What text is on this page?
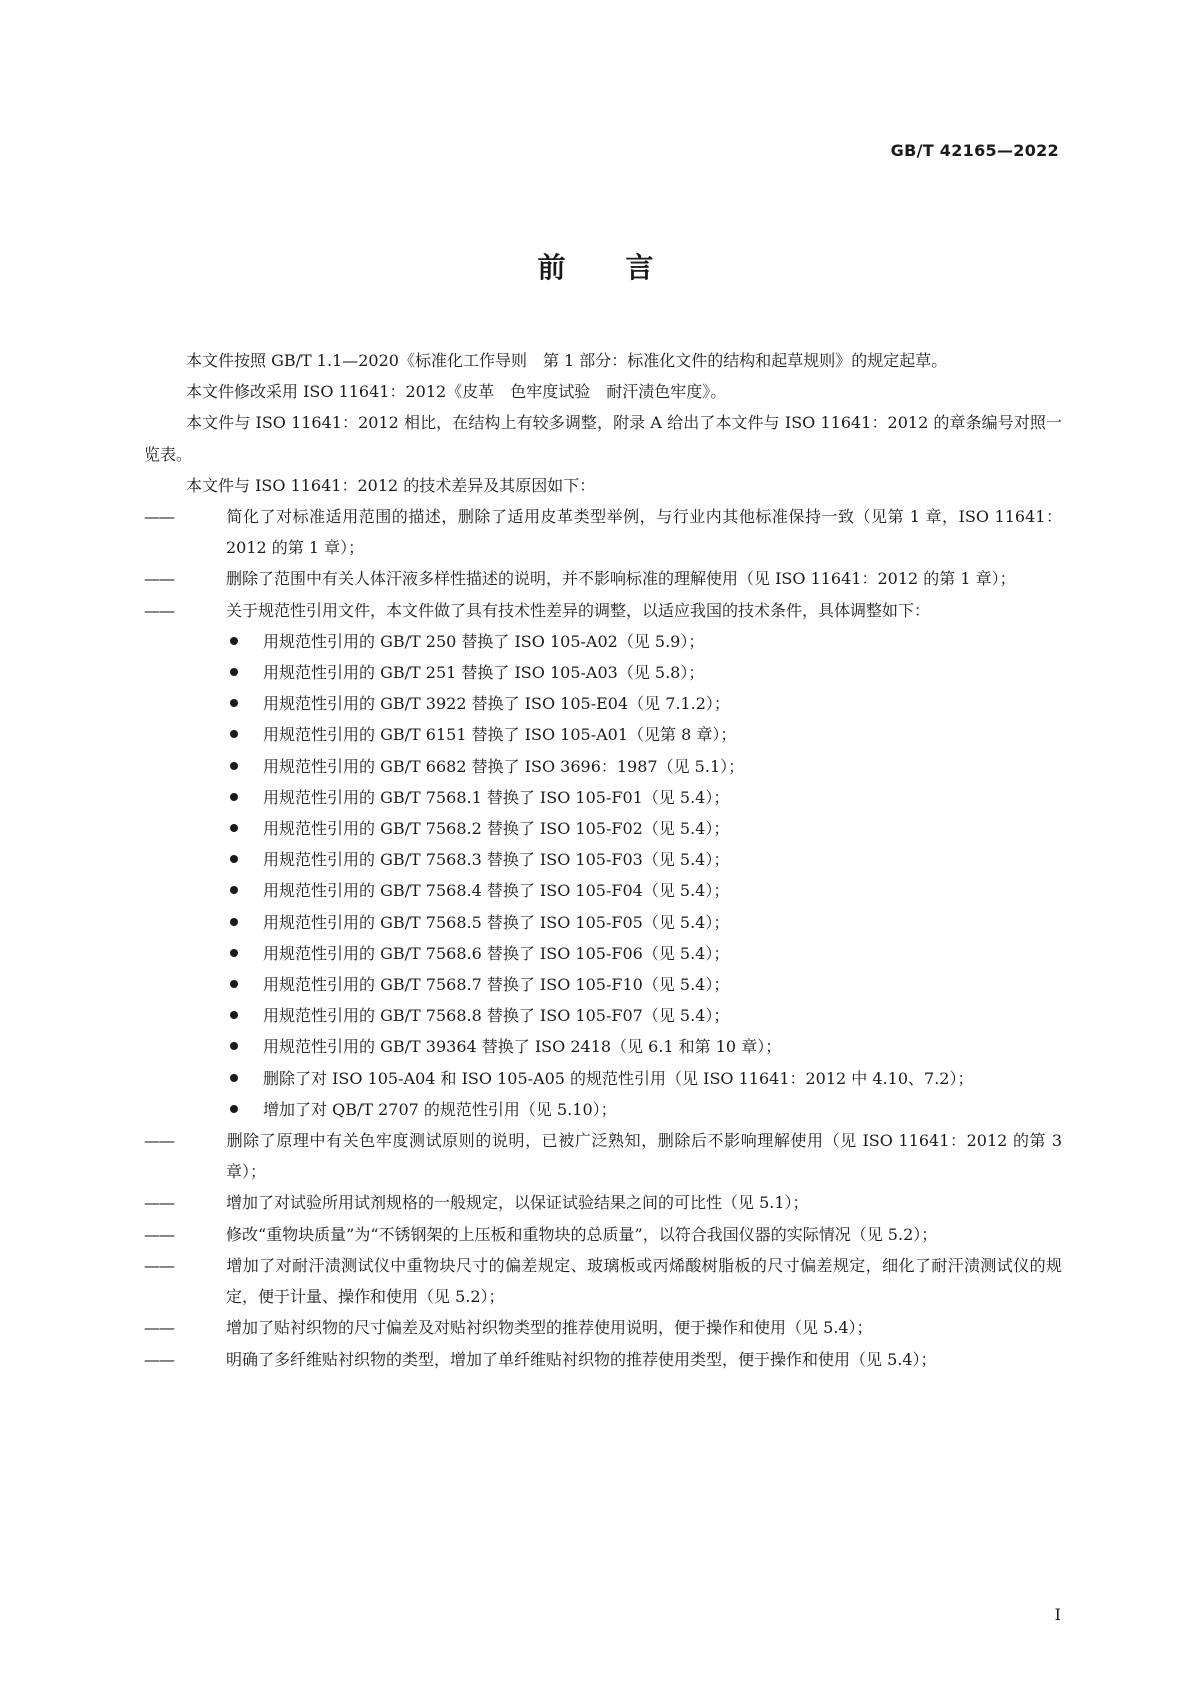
GB/T 42165—2022
前言

本文件按照 GB/T 1.1—2020《标准化工作导则　第 1 部分：标准化文件的结构和起草规则》的规定起草。

本文件修改采用 ISO 11641：2012《皮革　色牢度试验　耐汗渍色牢度》。

本文件与 ISO 11641：2012 相比，在结构上有较多调整，附录 A 给出了本文件与 ISO 11641：2012 的章条编号对照一览表。

本文件与 ISO 11641：2012 的技术差异及其原因如下：

——	简化了对标准适用范围的描述，删除了适用皮革类型举例，与行业内其他标准保持一致（见第 1 章，ISO 11641：2012 的第 1 章）；

——	删除了范围中有关人体汗液多样性描述的说明，并不影响标准的理解使用（见 ISO 11641：2012 的第 1 章）；

——	关于规范性引用文件，本文件做了具有技术性差异的调整，以适应我国的技术条件，具体调整如下：

用规范性引用的 GB/T 250 替换了 ISO 105-A02（见 5.9）；
用规范性引用的 GB/T 251 替换了 ISO 105-A03（见 5.8）；
用规范性引用的 GB/T 3922 替换了 ISO 105-E04（见 7.1.2）；
用规范性引用的 GB/T 6151 替换了 ISO 105-A01（见第 8 章）；
用规范性引用的 GB/T 6682 替换了 ISO 3696：1987（见 5.1）；
用规范性引用的 GB/T 7568.1 替换了 ISO 105-F01（见 5.4）；
用规范性引用的 GB/T 7568.2 替换了 ISO 105-F02（见 5.4）；
用规范性引用的 GB/T 7568.3 替换了 ISO 105-F03（见 5.4）；
用规范性引用的 GB/T 7568.4 替换了 ISO 105-F04（见 5.4）；
用规范性引用的 GB/T 7568.5 替换了 ISO 105-F05（见 5.4）；
用规范性引用的 GB/T 7568.6 替换了 ISO 105-F06（见 5.4）；
用规范性引用的 GB/T 7568.7 替换了 ISO 105-F10（见 5.4）；
用规范性引用的 GB/T 7568.8 替换了 ISO 105-F07（见 5.4）；
用规范性引用的 GB/T 39364 替换了 ISO 2418（见 6.1 和第 10 章）；
删除了对 ISO 105-A04 和 ISO 105-A05 的规范性引用（见 ISO 11641：2012 中 4.10、7.2）；
增加了对 QB/T 2707 的规范性引用（见 5.10）；

——	删除了原理中有关色牢度测试原则的说明，已被广泛熟知，删除后不影响理解使用（见 ISO 11641：2012 的第 3 章）；

——	增加了对试验所用试剂规格的一般规定，以保证试验结果之间的可比性（见 5.1）；

——	修改“重物块质量”为“不锈钢架的上压板和重物块的总质量”，以符合我国仪器的实际情况（见 5.2）；

——	增加了对耐汗渍测试仪中重物块尺寸的偏差规定、玻璃板或丙烯酸树脂板的尺寸偏差规定，细化了耐汗渍测试仪的规定，便于计量、操作和使用（见 5.2）；

——	增加了贴衬织物的尺寸偏差及对贴衬织物类型的推荐使用说明，便于操作和使用（见 5.4）；

——	明确了多纤维贴衬织物的类型，增加了单纤维贴衬织物的推荐使用类型，便于操作和使用（见 5.4）；

I
